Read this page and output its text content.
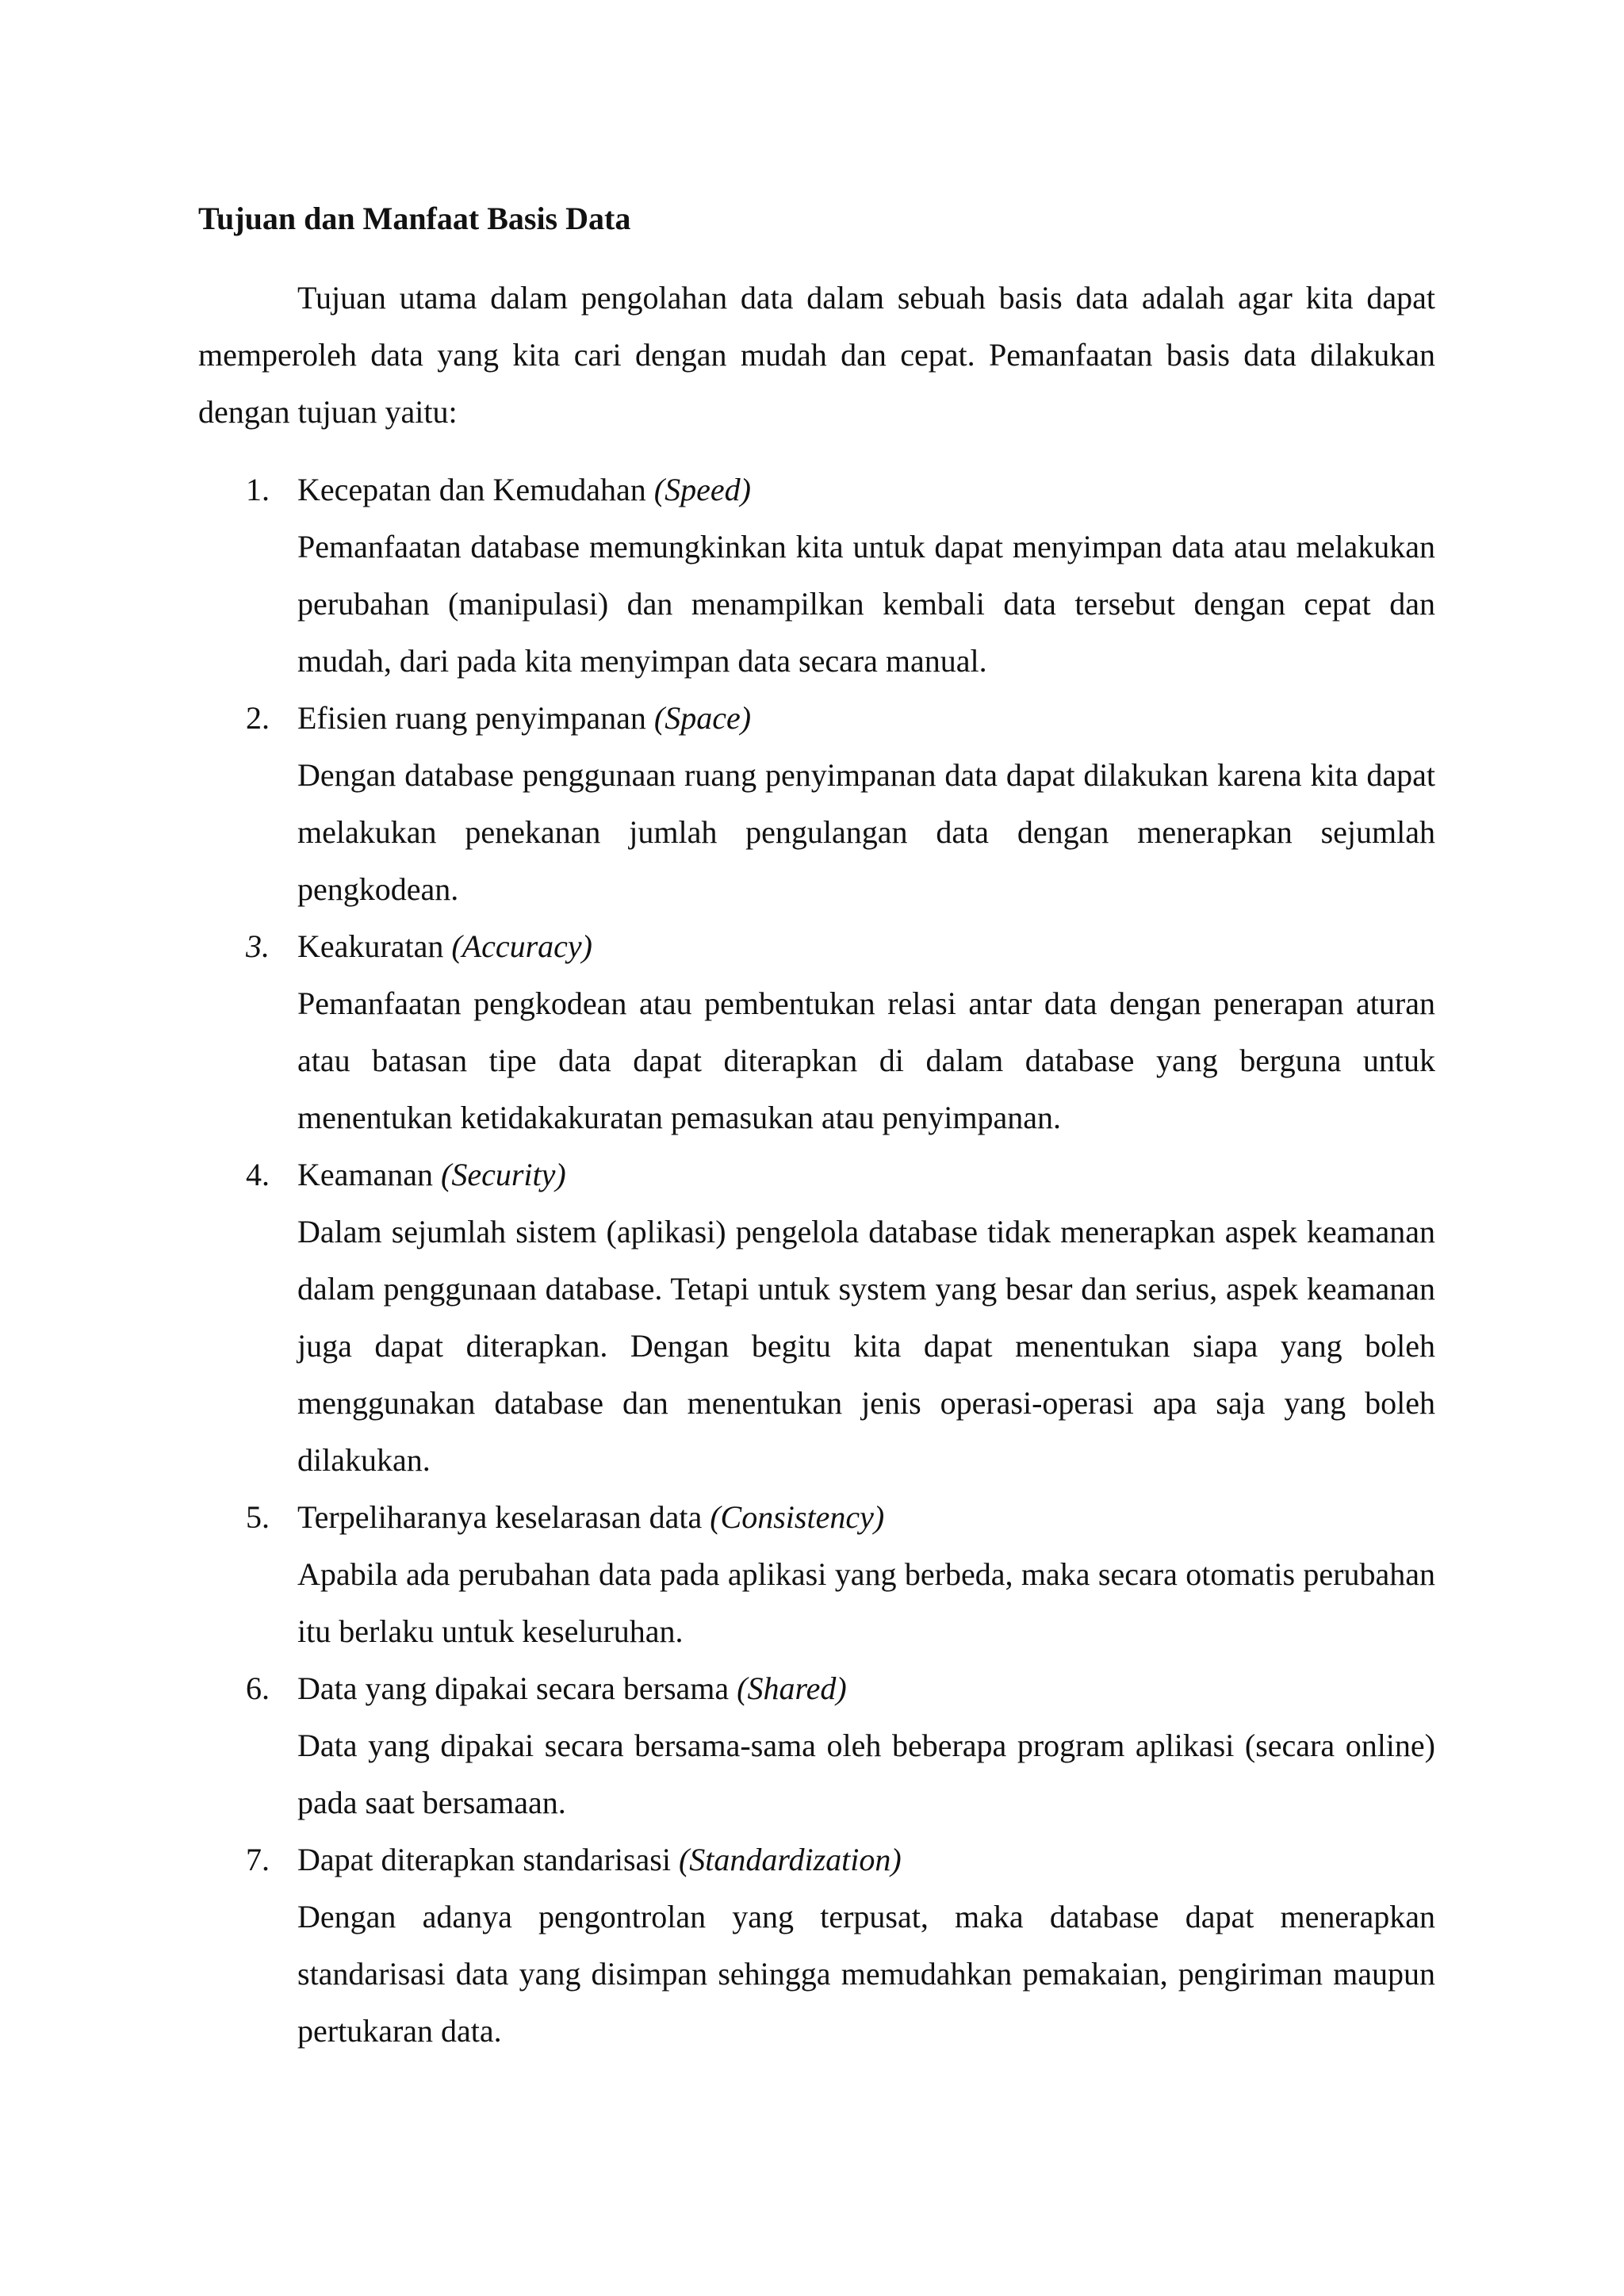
Tujuan dan Manfaat Basis Data

Tujuan utama dalam pengolahan data dalam sebuah basis data adalah agar kita dapat memperoleh data yang kita cari dengan mudah dan cepat. Pemanfaatan basis data dilakukan dengan tujuan yaitu:

1. Kecepatan dan Kemudahan (Speed)
Pemanfaatan database memungkinkan kita untuk dapat menyimpan data atau melakukan perubahan (manipulasi) dan menampilkan kembali data tersebut dengan cepat dan mudah, dari pada kita menyimpan data secara manual.
2. Efisien ruang penyimpanan (Space)
Dengan database penggunaan ruang penyimpanan data dapat dilakukan karena kita dapat melakukan penekanan jumlah pengulangan data dengan menerapkan sejumlah pengkodean.
3. Keakuratan (Accuracy)
Pemanfaatan pengkodean atau pembentukan relasi antar data dengan penerapan aturan atau batasan tipe data dapat diterapkan di dalam database yang berguna untuk menentukan ketidakakuratan pemasukan atau penyimpanan.
4. Keamanan (Security)
Dalam sejumlah sistem (aplikasi) pengelola database tidak menerapkan aspek keamanan dalam penggunaan database. Tetapi untuk system yang besar dan serius, aspek keamanan juga dapat diterapkan. Dengan begitu kita dapat menentukan siapa yang boleh menggunakan database dan menentukan jenis operasi-operasi apa saja yang boleh dilakukan.
5. Terpeliharanya keselarasan data (Consistency)
Apabila ada perubahan data pada aplikasi yang berbeda, maka secara otomatis perubahan itu berlaku untuk keseluruhan.
6. Data yang dipakai secara bersama (Shared)
Data yang dipakai secara bersama-sama oleh beberapa program aplikasi (secara online) pada saat bersamaan.
7. Dapat diterapkan standarisasi (Standardization)
Dengan adanya pengontrolan yang terpusat, maka database dapat menerapkan standarisasi data yang disimpan sehingga memudahkan pemakaian, pengiriman maupun pertukaran data.
